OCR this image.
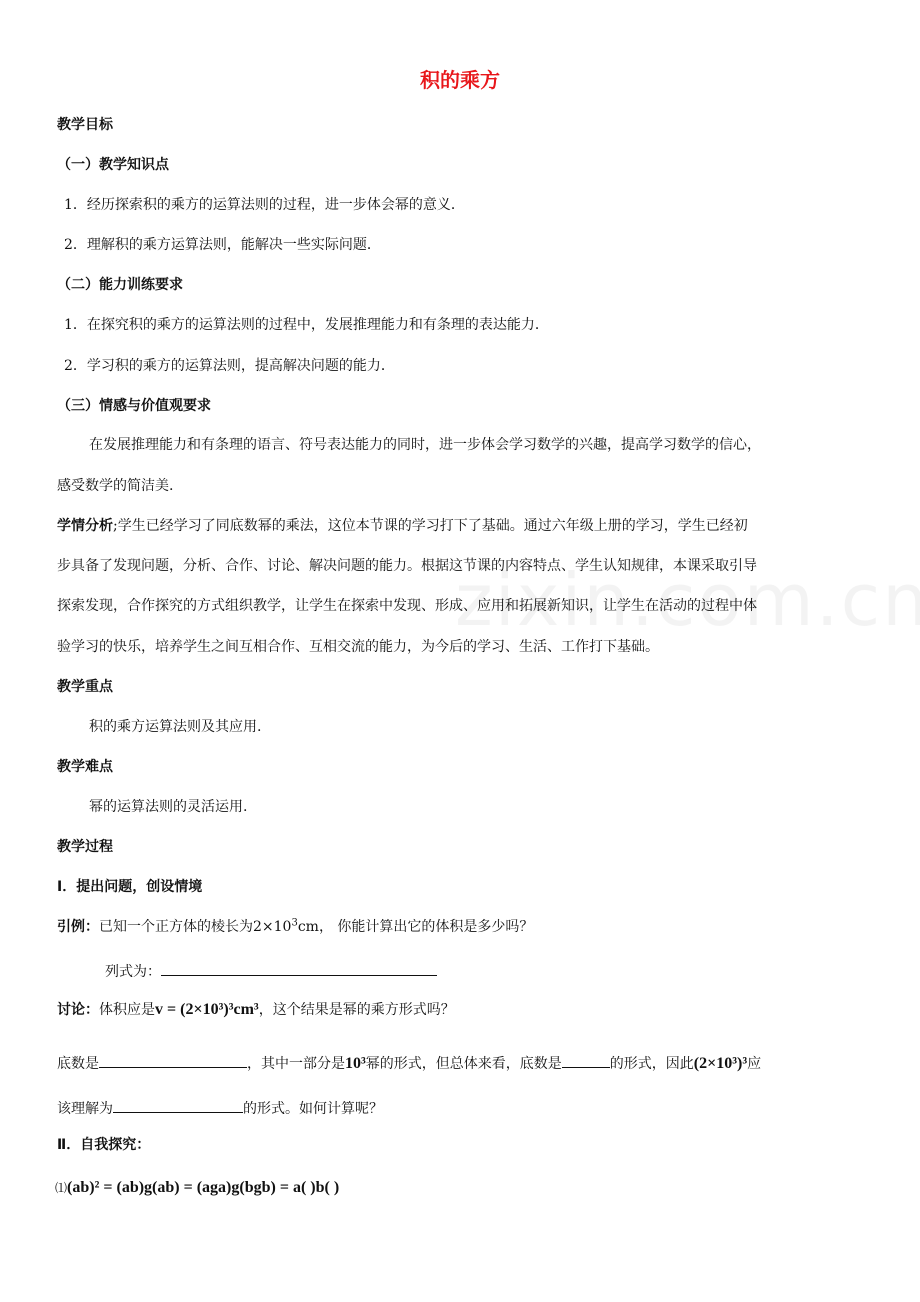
积的乘方
教学目标
（一）教学知识点
1．经历探索积的乘方的运算法则的过程，进一步体会幂的意义．
2．理解积的乘方运算法则，能解决一些实际问题．
（二）能力训练要求
1．在探究积的乘方的运算法则的过程中，发展推理能力和有条理的表达能力．
2．学习积的乘方的运算法则，提高解决问题的能力．
（三）情感与价值观要求
在发展推理能力和有条理的语言、符号表达能力的同时，进一步体会学习数学的兴趣，提高学习数学的信心，
感受数学的简洁美.
学情分析;学生已经学习了同底数幂的乘法，这位本节课的学习打下了基础。通过六年级上册的学习，学生已经初
步具备了发现问题，分析、合作、讨论、解决问题的能力。根据这节课的内容特点、学生认知规律，本课采取引导
探索发现，合作探究的方式组织教学，让学生在探索中发现、形成、应用和拓展新知识，让学生在活动的过程中体
验学习的快乐，培养学生之间互相合作、互相交流的能力，为今后的学习、生活、工作打下基础。
教学重点
积的乘方运算法则及其应用.
教学难点
幂的运算法则的灵活运用.
教学过程
Ⅰ．提出问题，创设情境
引例：已知一个正方体的棱长为$2\times 10^3cm$， 你能计算出它的体积是多少吗？
列式为：
讨论：体积应是v = (2×10³)³cm³，这个结果是幂的乘方形式吗？
底数是	，其中一部分是10³幂的形式，但总体来看，底数是	的形式，因此(2×10³)³应
该理解为	的形式。如何计算呢？
Ⅱ．自我探究：
⑴(ab)² = (ab)g(ab) = (aga)g(bgb) = a( )b( )
